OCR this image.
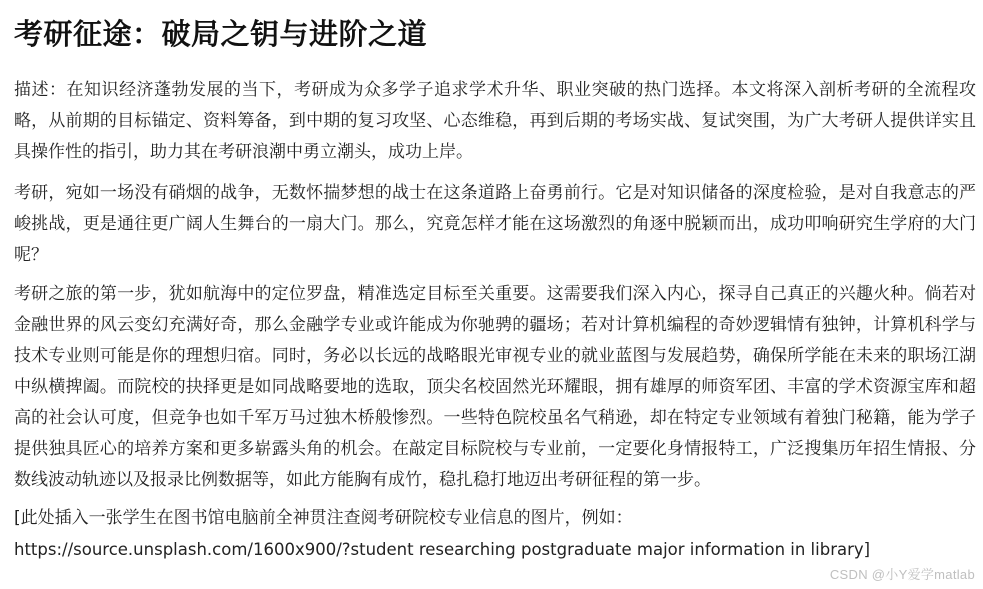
考研征途：破局之钥与进阶之道

描述：在知识经济蓬勃发展的当下，考研成为众多学子追求学术升华、职业突破的热门选择。本文将深入剖析考研的全流程攻略，从前期的目标锚定、资料筹备，到中期的复习攻坚、心态维稳，再到后期的考场实战、复试突围，为广大考研人提供详实且具操作性的指引，助力其在考研浪潮中勇立潮头，成功上岸。

考研，宛如一场没有硝烟的战争，无数怀揣梦想的战士在这条道路上奋勇前行。它是对知识储备的深度检验，是对自我意志的严峻挑战，更是通往更广阔人生舞台的一扇大门。那么，究竟怎样才能在这场激烈的角逐中脱颖而出，成功叩响研究生学府的大门呢？

考研之旅的第一步，犹如航海中的定位罗盘，精准选定目标至关重要。这需要我们深入内心，探寻自己真正的兴趣火种。倘若对金融世界的风云变幻充满好奇，那么金融学专业或许能成为你驰骋的疆场；若对计算机编程的奇妙逻辑情有独钟，计算机科学与技术专业则可能是你的理想归宿。同时，务必以长远的战略眼光审视专业的就业蓝图与发展趋势，确保所学能在未来的职场江湖中纵横捭阖。而院校的抉择更是如同战略要地的选取，顶尖名校固然光环耀眼，拥有雄厚的师资军团、丰富的学术资源宝库和超高的社会认可度，但竞争也如千军万马过独木桥般惨烈。一些特色院校虽名气稍逊，却在特定专业领域有着独门秘籍，能为学子提供独具匠心的培养方案和更多崭露头角的机会。在敲定目标院校与专业前，一定要化身情报特工，广泛搜集历年招生情报、分数线波动轨迹以及报录比例数据等，如此方能胸有成竹，稳扎稳打地迈出考研征程的第一步。

[此处插入一张学生在图书馆电脑前全神贯注查阅考研院校专业信息的图片，例如：
https://source.unsplash.com/1600x900/?student researching postgraduate major information in library]

CSDN @小Y爱学matlab
